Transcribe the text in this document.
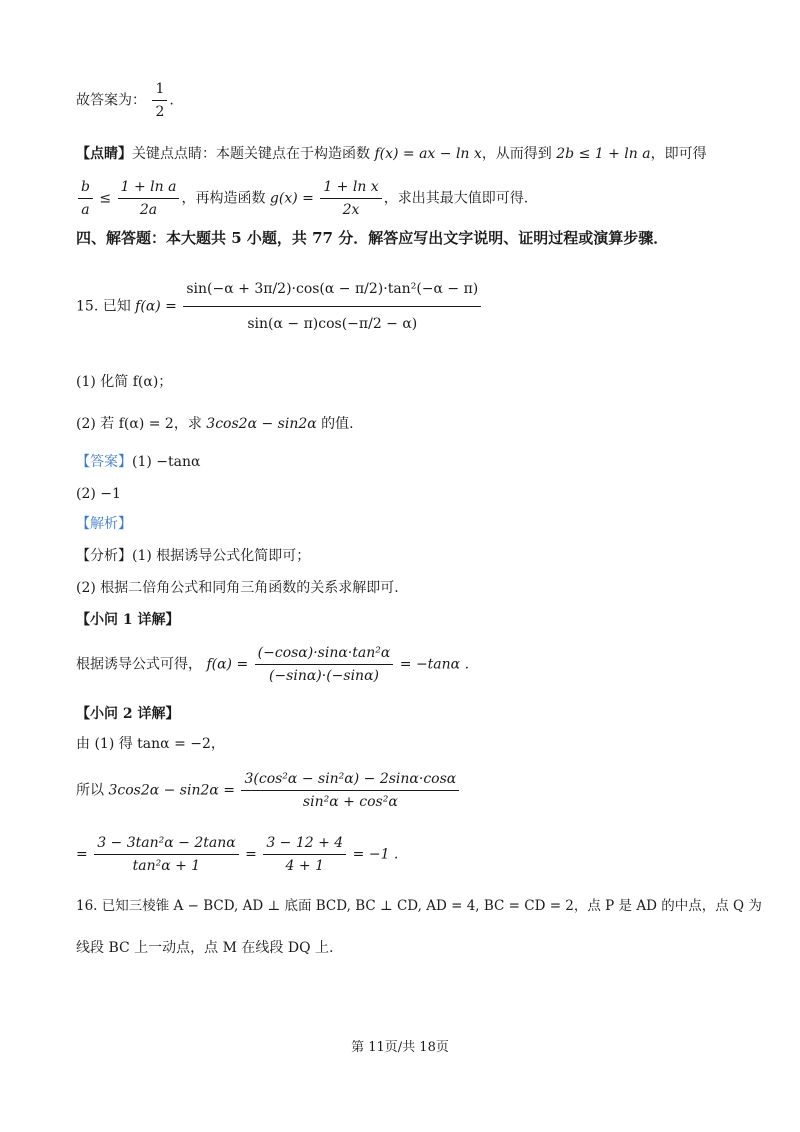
故答案为： $\frac{1}{2}$ .
【点睛】关键点点睛：本题关键点在于构造函数 f(x) = ax − ln x，从而得到 2b ≤ 1 + ln a，即可得
$\frac{b}{a} \le \frac{\text{1 + ln a}}{2a}$ ，再构造函数 $g(x) = \frac{\text{1 + ln x}}{2x}$ ，求出其最大值即可得.
四、解答题：本大题共 5 小题，共 77 分．解答应写出文字说明、证明过程或演算步骤．
15. 已知 $f(\alpha) = \frac{\text{sin(−α + 3π/2)·cos(α − π/2)·tan²(−α − π)}}{\sin(\alpha - \pi)\cos(-\pi/2 - \alpha)}$
(1) 化简 f(α)；
(2) 若 f(α) = 2，求 3cos2α − sin2α 的值.
【答案】(1) −tanα
(2) −1
【解析】
【分析】(1) 根据诱导公式化简即可；
(2) 根据二倍角公式和同角三角函数的关系求解即可.
【小问 1 详解】
根据诱导公式可得， $f(\alpha) = \frac{\text{(−cosα)·sinα·tan²α}}{(-\sin\alpha)\cdot(-\sin\alpha)} = -\tan\alpha$ .
【小问 2 详解】
由 (1) 得 tanα = −2，
所以 $3\cos 2\alpha - \sin 2\alpha = \frac{\text{3(cos²α − sin²α) − 2sinα·cosα}}{\text{sin²α + cos²α}}$
= $\frac{\text{3 − 3tan²α − 2tanα}}{\text{tan²α + 1}} = \frac{3 - 12 + 4}{4 + 1} = -1$ .
16. 已知三棱锥 A − BCD, AD ⊥ 底面 BCD, BC ⊥ CD, AD = 4, BC = CD = 2，点 P 是 AD 的中点，点 Q 为
线段 BC 上一动点，点 M 在线段 DQ 上.
第 11页/共 18页
